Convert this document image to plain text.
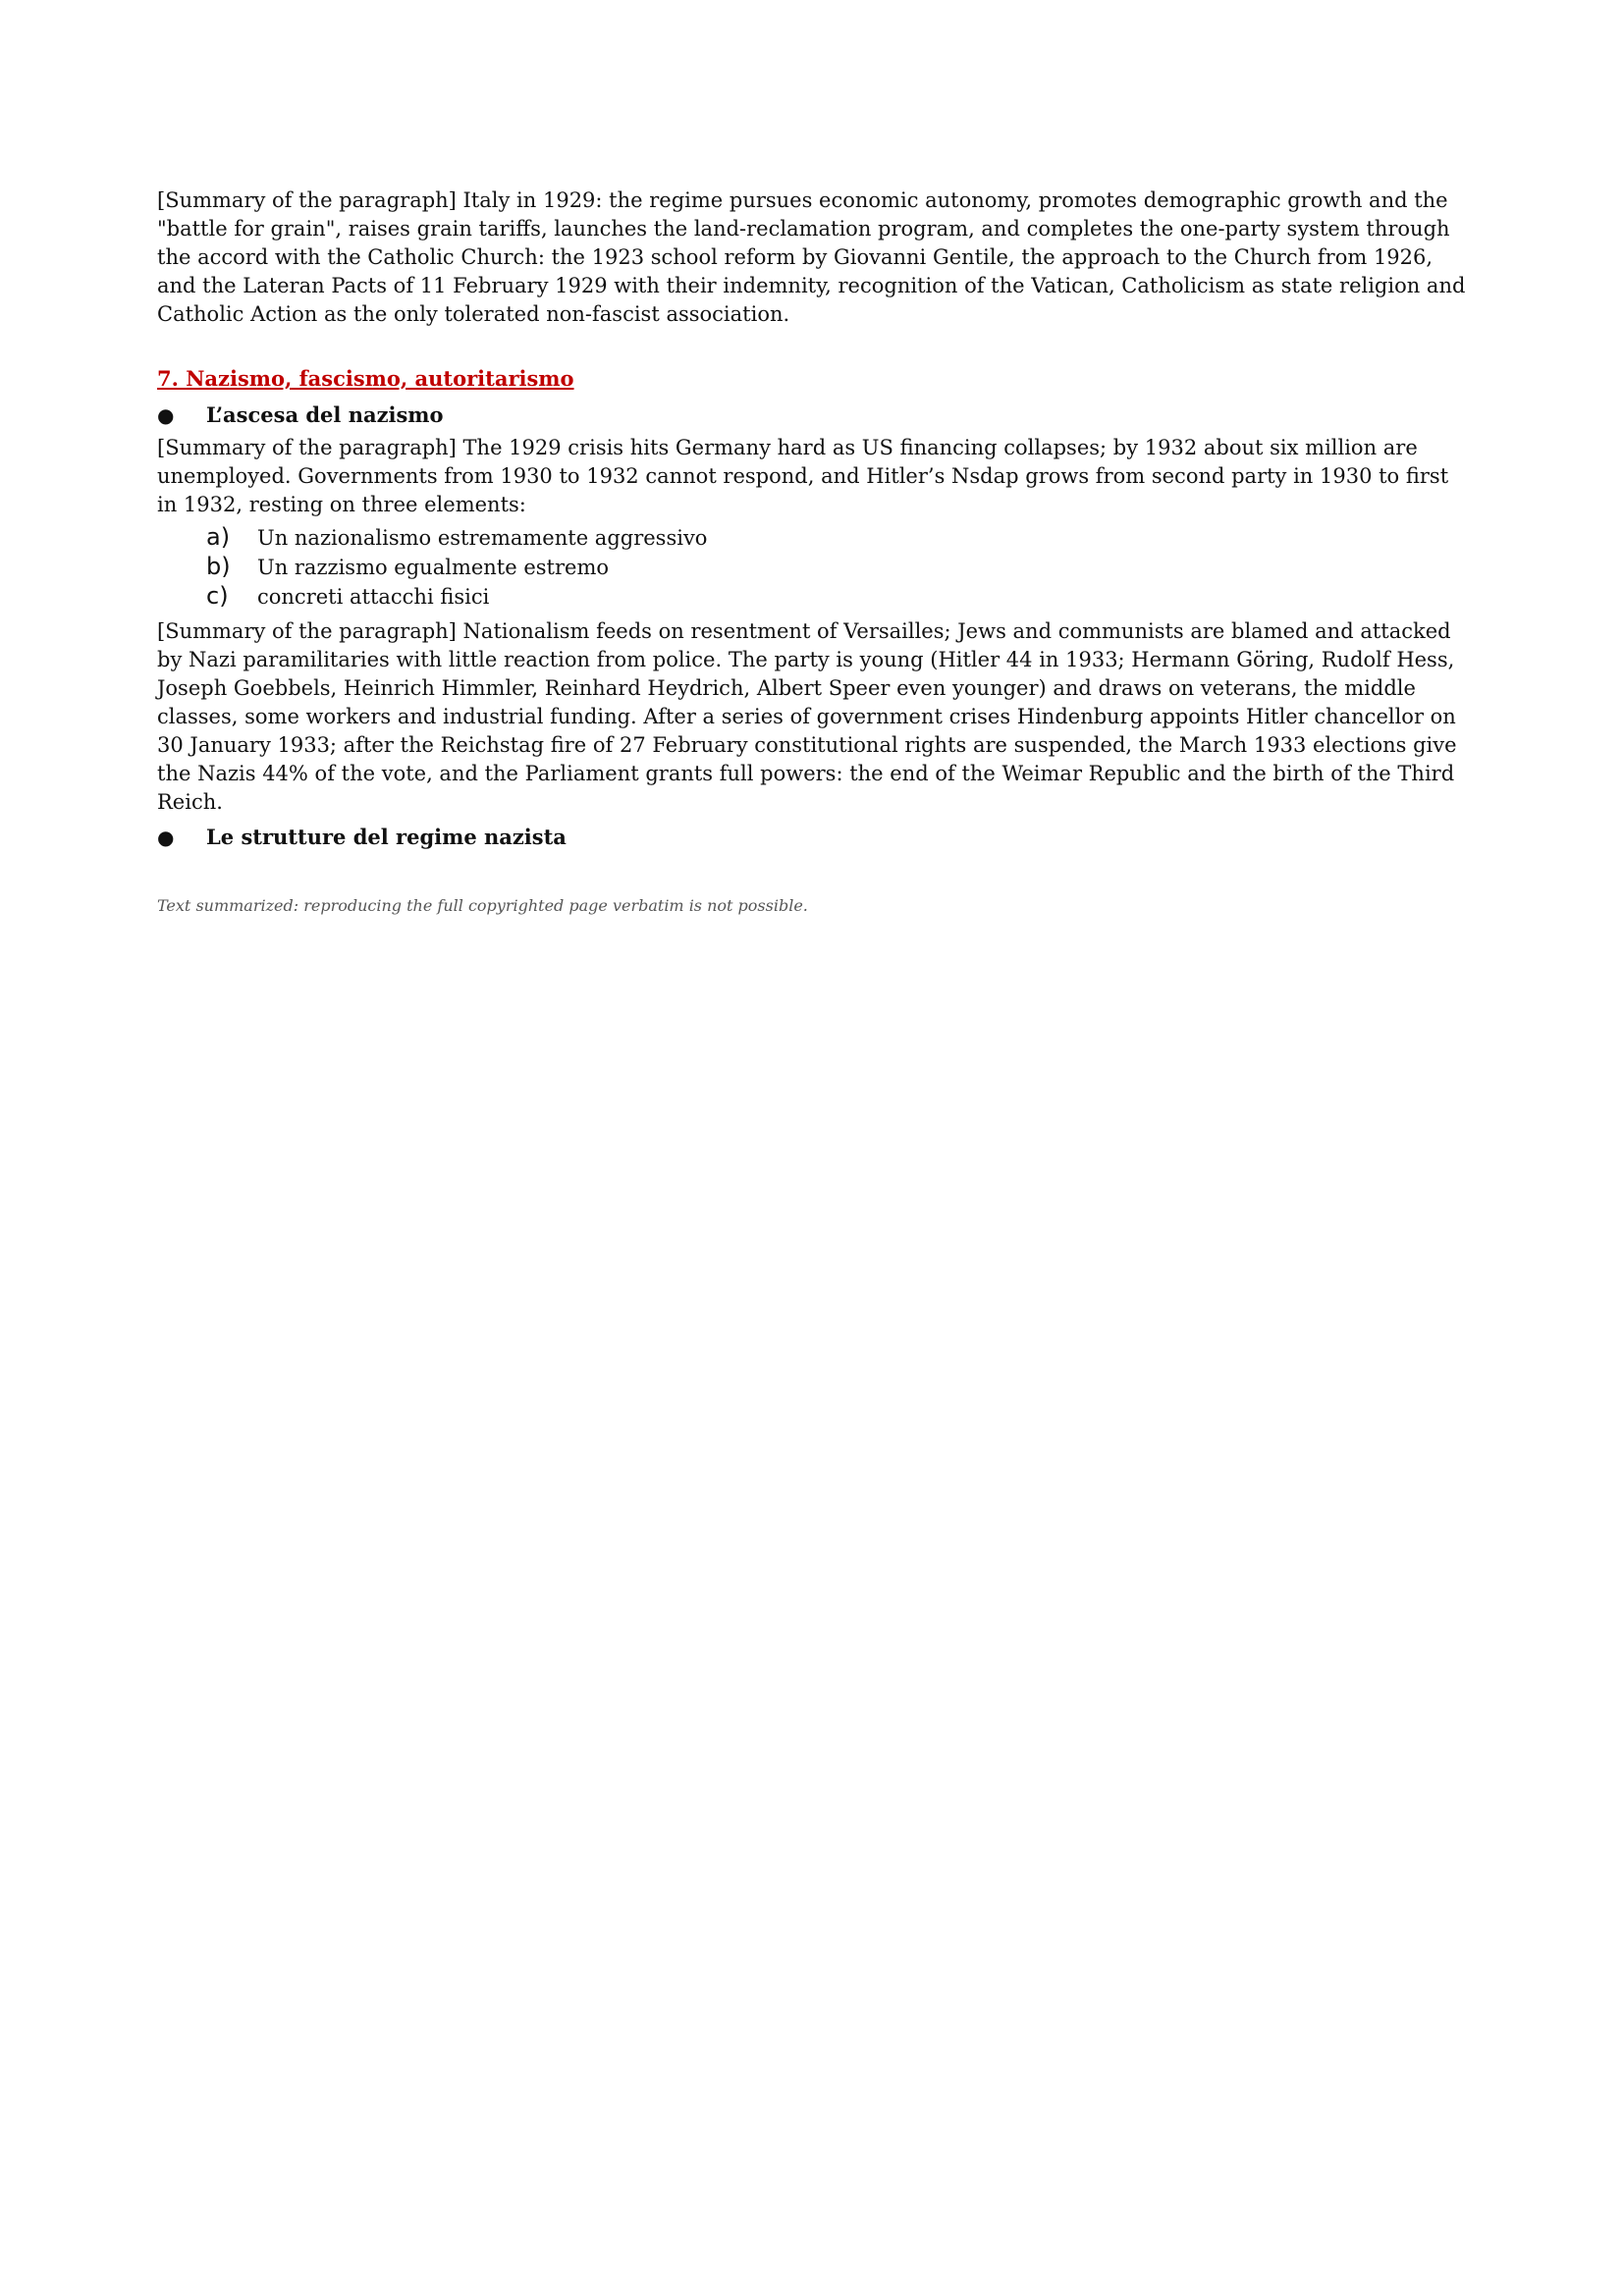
[Summary of the paragraph] Italy in 1929: the regime pursues economic autonomy, promotes demographic growth and the "battle for grain", raises grain tariffs, launches the land-reclamation program, and completes the one-party system through the accord with the Catholic Church: the 1923 school reform by Giovanni Gentile, the approach to the Church from 1926, and the Lateran Pacts of 11 February 1929 with their indemnity, recognition of the Vatican, Catholicism as state religion and Catholic Action as the only tolerated non-fascist association.

7. Nazismo, fascismo, autoritarismo
●	L’ascesa del nazismo

[Summary of the paragraph] The 1929 crisis hits Germany hard as US financing collapses; by 1932 about six million are unemployed. Governments from 1930 to 1932 cannot respond, and Hitler’s Nsdap grows from second party in 1930 to first in 1932, resting on three elements:

a)	Un nazionalismo estremamente aggressivo
b)	Un razzismo egualmente estremo
c)	concreti attacchi fisici

[Summary of the paragraph] Nationalism feeds on resentment of Versailles; Jews and communists are blamed and attacked by Nazi paramilitaries with little reaction from police. The party is young (Hitler 44 in 1933; Hermann Göring, Rudolf Hess, Joseph Goebbels, Heinrich Himmler, Reinhard Heydrich, Albert Speer even younger) and draws on veterans, the middle classes, some workers and industrial funding. After a series of government crises Hindenburg appoints Hitler chancellor on 30 January 1933; after the Reichstag fire of 27 February constitutional rights are suspended, the March 1933 elections give the Nazis 44% of the vote, and the Parliament grants full powers: the end of the Weimar Republic and the birth of the Third Reich.

●	Le strutture del regime nazista

Text summarized: reproducing the full copyrighted page verbatim is not possible.
